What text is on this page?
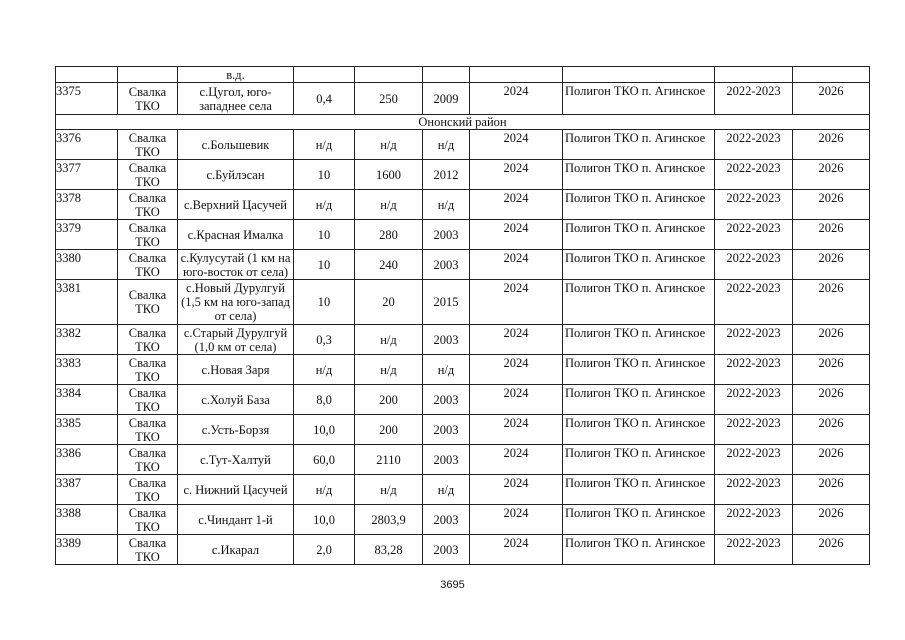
		в.д.							
3375	Свалка ТКО	с.Цугол, юго-западнее села	0,4	250	2009	2024	Полигон ТКО п. Агинское	2022-2023	2026
Ононский район									
3376	Свалка ТКО	с.Большевик	н/д	н/д	н/д	2024	Полигон ТКО п. Агинское	2022-2023	2026
3377	Свалка ТКО	с.Буйлэсан	10	1600	2012	2024	Полигон ТКО п. Агинское	2022-2023	2026
3378	Свалка ТКО	с.Верхний Цасучей	н/д	н/д	н/д	2024	Полигон ТКО п. Агинское	2022-2023	2026
3379	Свалка ТКО	с.Красная Ималка	10	280	2003	2024	Полигон ТКО п. Агинское	2022-2023	2026
3380	Свалка ТКО	с.Кулусутай (1 км на юго-восток от села)	10	240	2003	2024	Полигон ТКО п. Агинское	2022-2023	2026
3381	Свалка ТКО	с.Новый Дурулгуй (1,5 км на юго-запад от села)	10	20	2015	2024	Полигон ТКО п. Агинское	2022-2023	2026
3382	Свалка ТКО	с.Старый Дурулгуй (1,0 км от села)	0,3	н/д	2003	2024	Полигон ТКО п. Агинское	2022-2023	2026
3383	Свалка ТКО	с.Новая Заря	н/д	н/д	н/д	2024	Полигон ТКО п. Агинское	2022-2023	2026
3384	Свалка ТКО	с.Холуй База	8,0	200	2003	2024	Полигон ТКО п. Агинское	2022-2023	2026
3385	Свалка ТКО	с.Усть-Борзя	10,0	200	2003	2024	Полигон ТКО п. Агинское	2022-2023	2026
3386	Свалка ТКО	с.Тут-Халтуй	60,0	2110	2003	2024	Полигон ТКО п. Агинское	2022-2023	2026
3387	Свалка ТКО	с. Нижний Цасучей	н/д	н/д	н/д	2024	Полигон ТКО п. Агинское	2022-2023	2026
3388	Свалка ТКО	с.Чиндант 1-й	10,0	2803,9	2003	2024	Полигон ТКО п. Агинское	2022-2023	2026
3389	Свалка ТКО	с.Икарал	2,0	83,28	2003	2024	Полигон ТКО п. Агинское	2022-2023	2026
3695
